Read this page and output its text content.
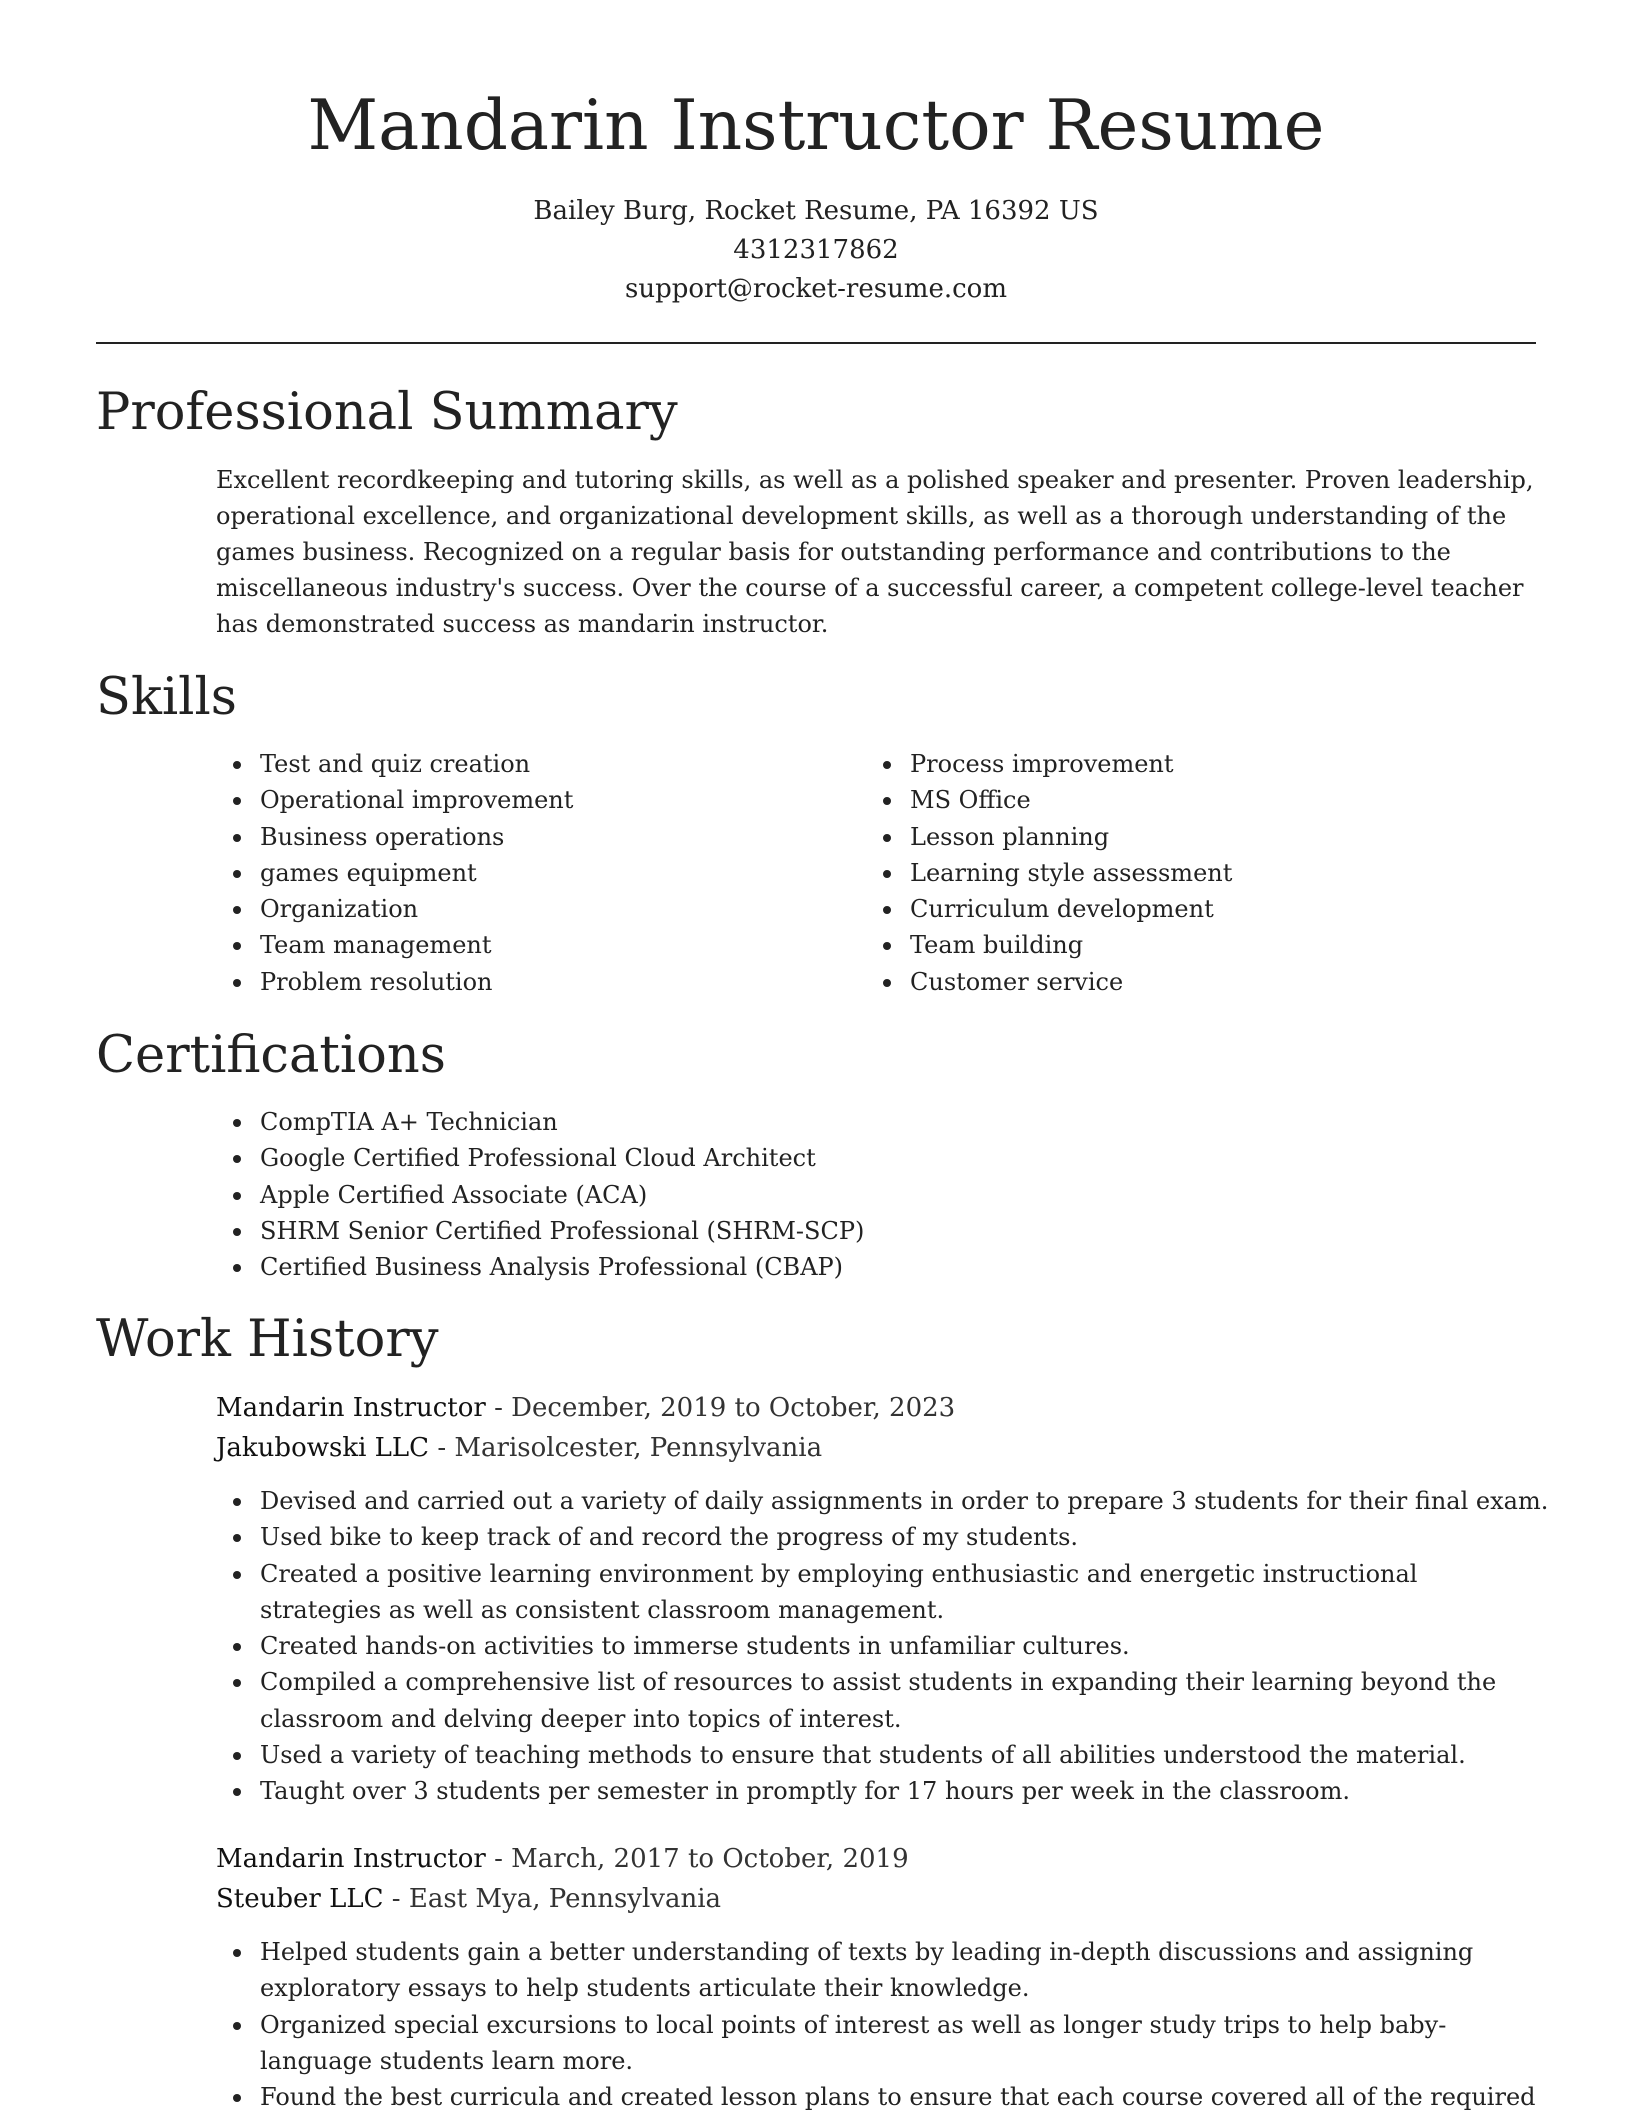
Mandarin Instructor Resume
Bailey Burg, Rocket Resume, PA 16392 US
4312317862
support@rocket-resume.com
Professional Summary

Excellent recordkeeping and tutoring skills, as well as a polished speaker and presenter. Proven leadership, operational excellence, and organizational development skills, as well as a thorough understanding of the games business. Recognized on a regular basis for outstanding performance and contributions to the miscellaneous industry's success. Over the course of a successful career, a competent college-level teacher has demonstrated success as mandarin instructor.

Skills
Test and quiz creation
Operational improvement
Business operations
games equipment
Organization
Team management
Problem resolution
Process improvement
MS Office
Lesson planning
Learning style assessment
Curriculum development
Team building
Customer service
Certifications
CompTIA A+ Technician
Google Certified Professional Cloud Architect
Apple Certified Associate (ACA)
SHRM Senior Certified Professional (SHRM-SCP)
Certified Business Analysis Professional (CBAP)
Work History
Mandarin Instructor - December, 2019 to October, 2023
Jakubowski LLC - Marisolcester, Pennsylvania
Devised and carried out a variety of daily assignments in order to prepare 3 students for their final exam.
Used bike to keep track of and record the progress of my students.
Created a positive learning environment by employing enthusiastic and energetic instructional strategies as well as consistent classroom management.
Created hands-on activities to immerse students in unfamiliar cultures.
Compiled a comprehensive list of resources to assist students in expanding their learning beyond the classroom and delving deeper into topics of interest.
Used a variety of teaching methods to ensure that students of all abilities understood the material.
Taught over 3 students per semester in promptly for 17 hours per week in the classroom.
Mandarin Instructor - March, 2017 to October, 2019
Steuber LLC - East Mya, Pennsylvania
Helped students gain a better understanding of texts by leading in-depth discussions and assigning exploratory essays to help students articulate their knowledge.
Organized special excursions to local points of interest as well as longer study trips to help baby-language students learn more.
Found the best curricula and created lesson plans to ensure that each course covered all of the required
